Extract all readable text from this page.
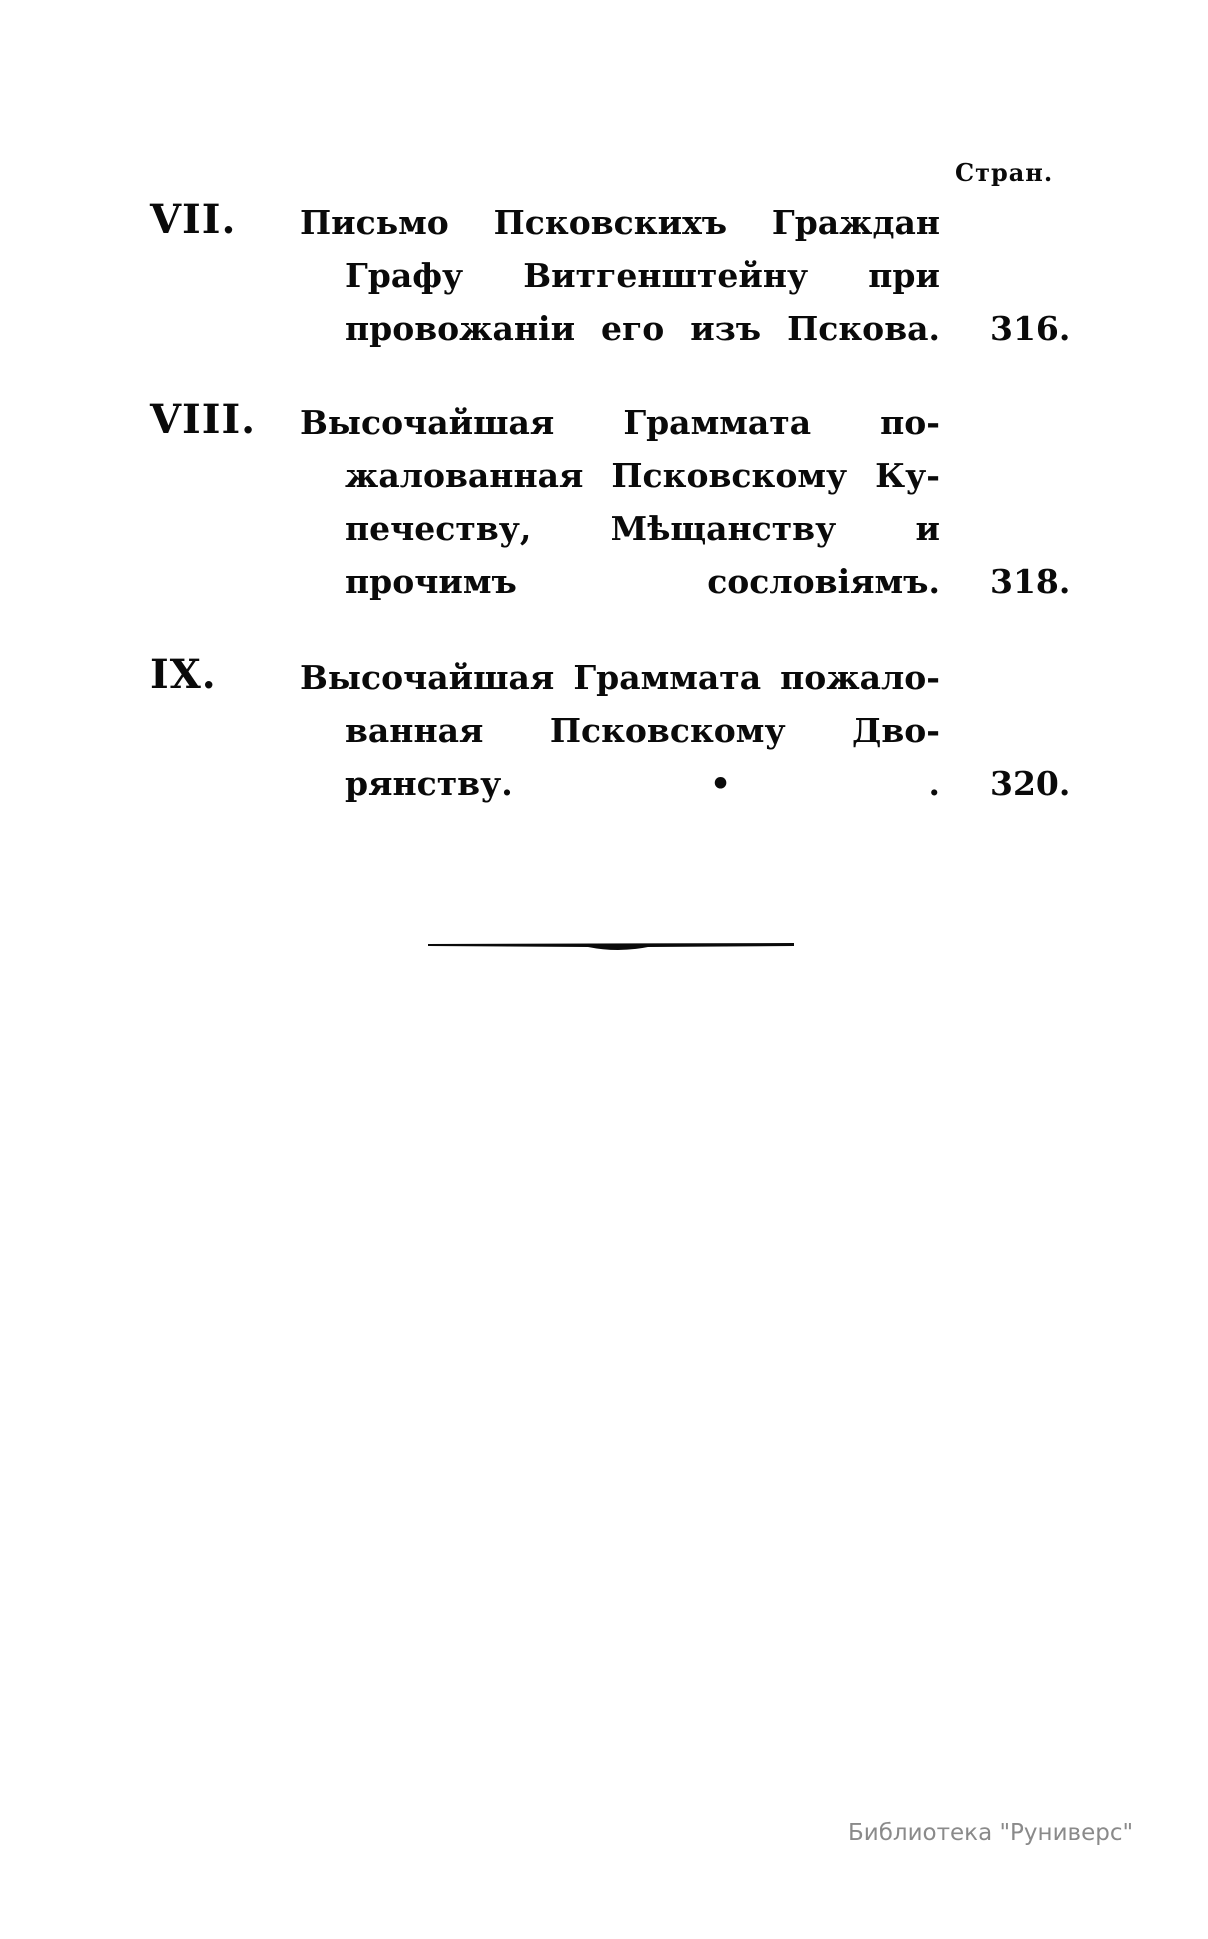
Стран.
VII. Письмо Псковскихъ Граждан
Графу Витгенштейну при
провожаніи его изъ Пскова. 316.
VIII. Высочайшая Граммата по-
жалованная Псковскому Ку-
печеству, Мѣщанству и
прочимъ сословіямъ. 318.
IX.	Высочайшая Граммата пожало-
ванная Псковскому Дво-
рянству. • . 320.
Библиотека "Руниверс"
